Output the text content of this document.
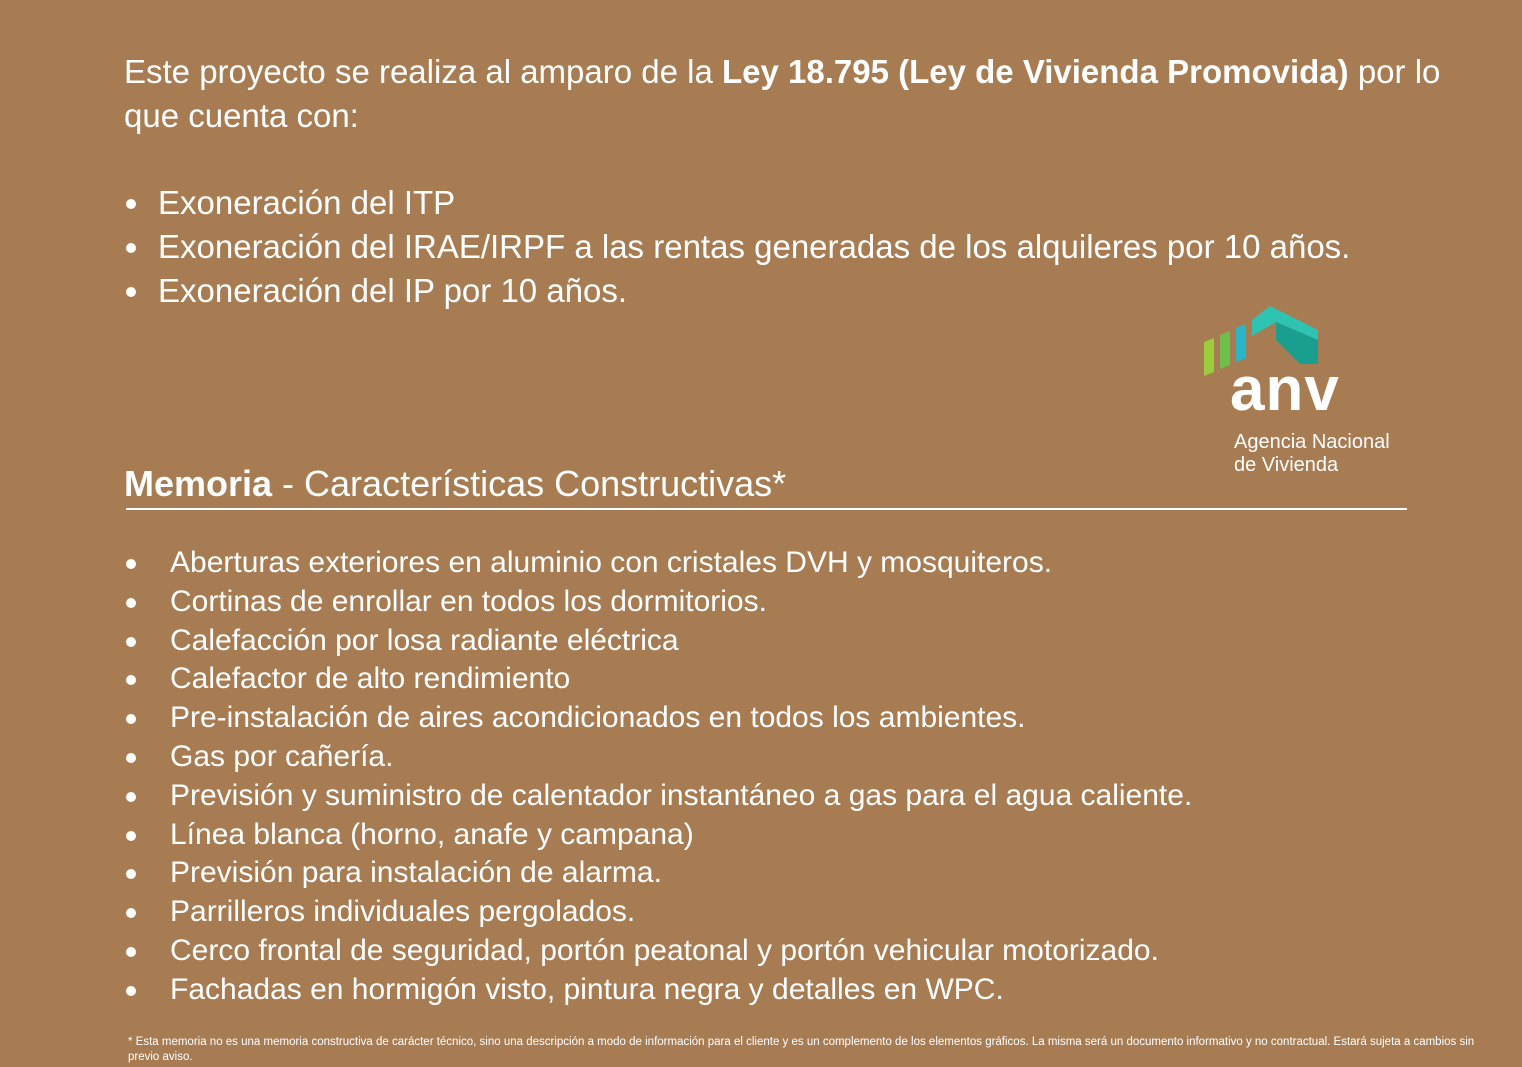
Este proyecto se realiza al amparo de la Ley 18.795 (Ley de Vivienda Promovida) por lo que cuenta con:

Exoneración del ITP
Exoneración del IRAE/IRPF a las rentas generadas de los alquileres por 10 años.
Exoneración del IP por 10 años.
anv
Agencia Nacional
de Vivienda
Memoria - Características Constructivas*
Aberturas exteriores en aluminio con cristales DVH y mosquiteros.
Cortinas de enrollar en todos los dormitorios.
Calefacción por losa radiante eléctrica
Calefactor de alto rendimiento
Pre-instalación de aires acondicionados en todos los ambientes.
Gas por cañería.
Previsión y suministro de calentador instantáneo a gas para el agua caliente.
Línea blanca (horno, anafe y campana)
Previsión para instalación de alarma.
Parrilleros individuales pergolados.
Cerco frontal de seguridad, portón peatonal y portón vehicular motorizado.
Fachadas en hormigón visto, pintura negra y detalles en WPC.

* Esta memoria no es una memoria constructiva de carácter técnico, sino una descripción a modo de información para el cliente y es un complemento de los elementos gráficos. La misma será un documento informativo y no contractual. Estará sujeta a cambios sin previo aviso.
